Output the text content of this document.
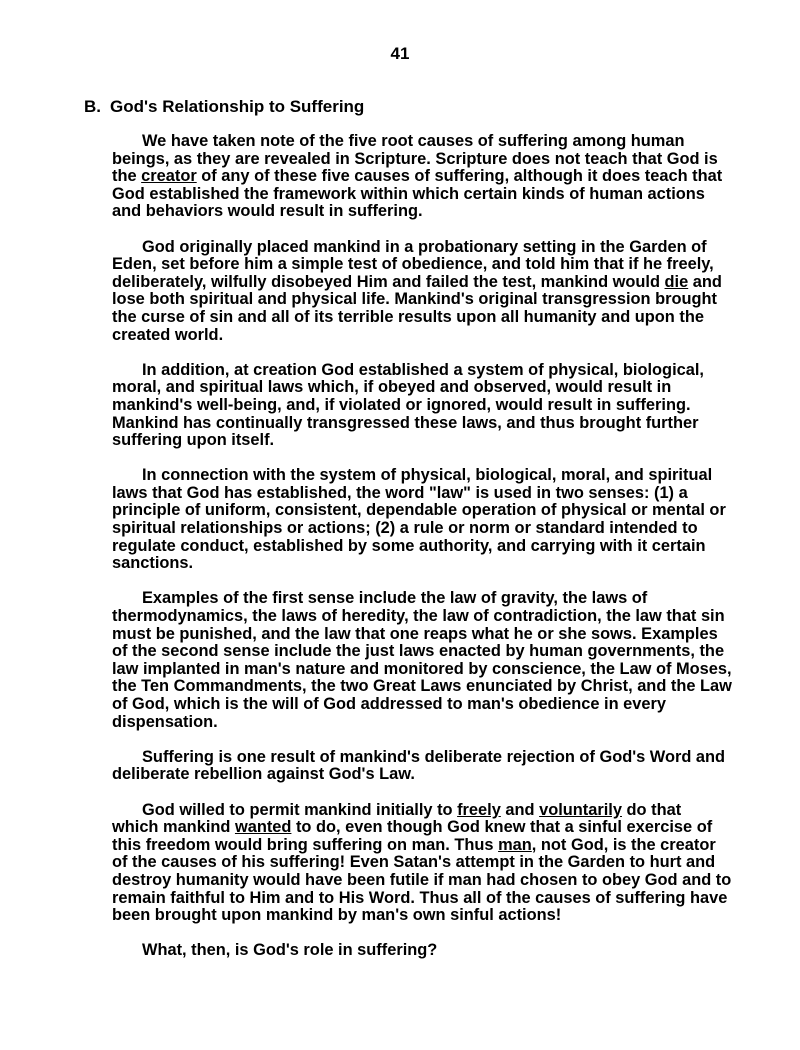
41
B. God's Relationship to Suffering

We have taken note of the five root causes of suffering among human beings, as they are revealed in Scripture. Scripture does not teach that God is the creator of any of these five causes of suffering, although it does teach that God established the framework within which certain kinds of human actions and behaviors would result in suffering.

God originally placed mankind in a probationary setting in the Garden of Eden, set before him a simple test of obedience, and told him that if he freely, deliberately, wilfully disobeyed Him and failed the test, mankind would die and lose both spiritual and physical life. Mankind's original transgression brought the curse of sin and all of its terrible results upon all humanity and upon the created world.

In addition, at creation God established a system of physical, biological, moral, and spiritual laws which, if obeyed and observed, would result in mankind's well-being, and, if violated or ignored, would result in suffering. Mankind has continually transgressed these laws, and thus brought further suffering upon itself.

In connection with the system of physical, biological, moral, and spiritual laws that God has established, the word "law" is used in two senses: (1) a principle of uniform, consistent, dependable operation of physical or mental or spiritual relationships or actions; (2) a rule or norm or standard intended to regulate conduct, established by some authority, and carrying with it certain sanctions.

Examples of the first sense include the law of gravity, the laws of thermodynamics, the laws of heredity, the law of contradiction, the law that sin must be punished, and the law that one reaps what he or she sows. Examples of the second sense include the just laws enacted by human governments, the law implanted in man's nature and monitored by conscience, the Law of Moses, the Ten Commandments, the two Great Laws enunciated by Christ, and the Law of God, which is the will of God addressed to man's obedience in every dispensation.

Suffering is one result of mankind's deliberate rejection of God's Word and deliberate rebellion against God's Law.

God willed to permit mankind initially to freely and voluntarily do that which mankind wanted to do, even though God knew that a sinful exercise of this freedom would bring suffering on man. Thus man, not God, is the creator of the causes of his suffering! Even Satan's attempt in the Garden to hurt and destroy humanity would have been futile if man had chosen to obey God and to remain faithful to Him and to His Word. Thus all of the causes of suffering have been brought upon mankind by man's own sinful actions!

What, then, is God's role in suffering?
